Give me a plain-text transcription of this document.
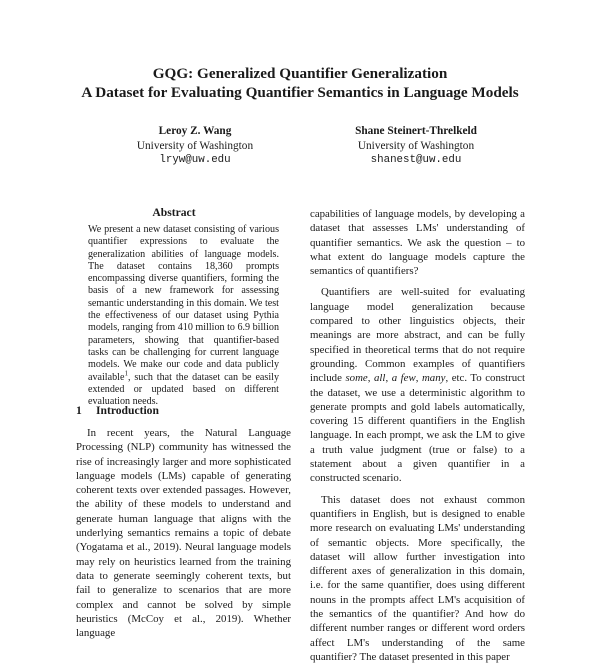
GQG: Generalized Quantifier Generalization
A Dataset for Evaluating Quantifier Semantics in Language Models
Leroy Z. Wang
University of Washington
lryw@uw.edu
Shane Steinert-Threlkeld
University of Washington
shanest@uw.edu
Abstract

We present a new dataset consisting of various quantifier expressions to evaluate the generalization abilities of language models. The dataset contains 18,360 prompts encompassing diverse quantifiers, forming the basis of a new framework for assessing semantic understanding in this domain. We test the effectiveness of our dataset using Pythia models, ranging from 410 million to 6.9 billion parameters, showing that quantifier-based tasks can be challenging for current language models. We make our code and data publicly available$^1$, such that the dataset can be easily extended or updated based on different evaluation needs.

1 Introduction

In recent years, the Natural Language Processing (NLP) community has witnessed the rise of increasingly larger and more sophisticated language models (LMs) capable of generating coherent texts over extended passages. However, the ability of these models to understand and generate human language that aligns with the underlying semantics remains a topic of debate (Yogatama et al., 2019). Neural language models may rely on heuristics learned from the training data to generate seemingly coherent texts, but fail to generalize to scenarios that are more complex and cannot be solved by simple heuristics (McCoy et al., 2019). Whether language

capabilities of language models, by developing a dataset that assesses LMs' understanding of quantifier semantics. We ask the question – to what extent do language models capture the semantics of quantifiers?

Quantifiers are well-suited for evaluating language model generalization because compared to other linguistics objects, their meanings are more abstract, and can be fully specified in theoretical terms that do not require grounding. Common examples of quantifiers include some, all, a few, many, etc. To construct the dataset, we use a deterministic algorithm to generate prompts and gold labels automatically, covering 15 different quantifiers in the English language. In each prompt, we ask the LM to give a truth value judgment (true or false) to a statement about a given quantifier in a constructed scenario.

This dataset does not exhaust common quantifiers in English, but is designed to enable more research on evaluating LMs' understanding of semantic objects. More specifically, the dataset will allow further investigation into different axes of generalization in this domain, i.e. for the same quantifier, does using different nouns in the prompts affect LM's acquisition of the semantics of the quantifier? And how do different number ranges or different word orders affect LM's understanding of the same quantifier? The dataset presented in this paper
